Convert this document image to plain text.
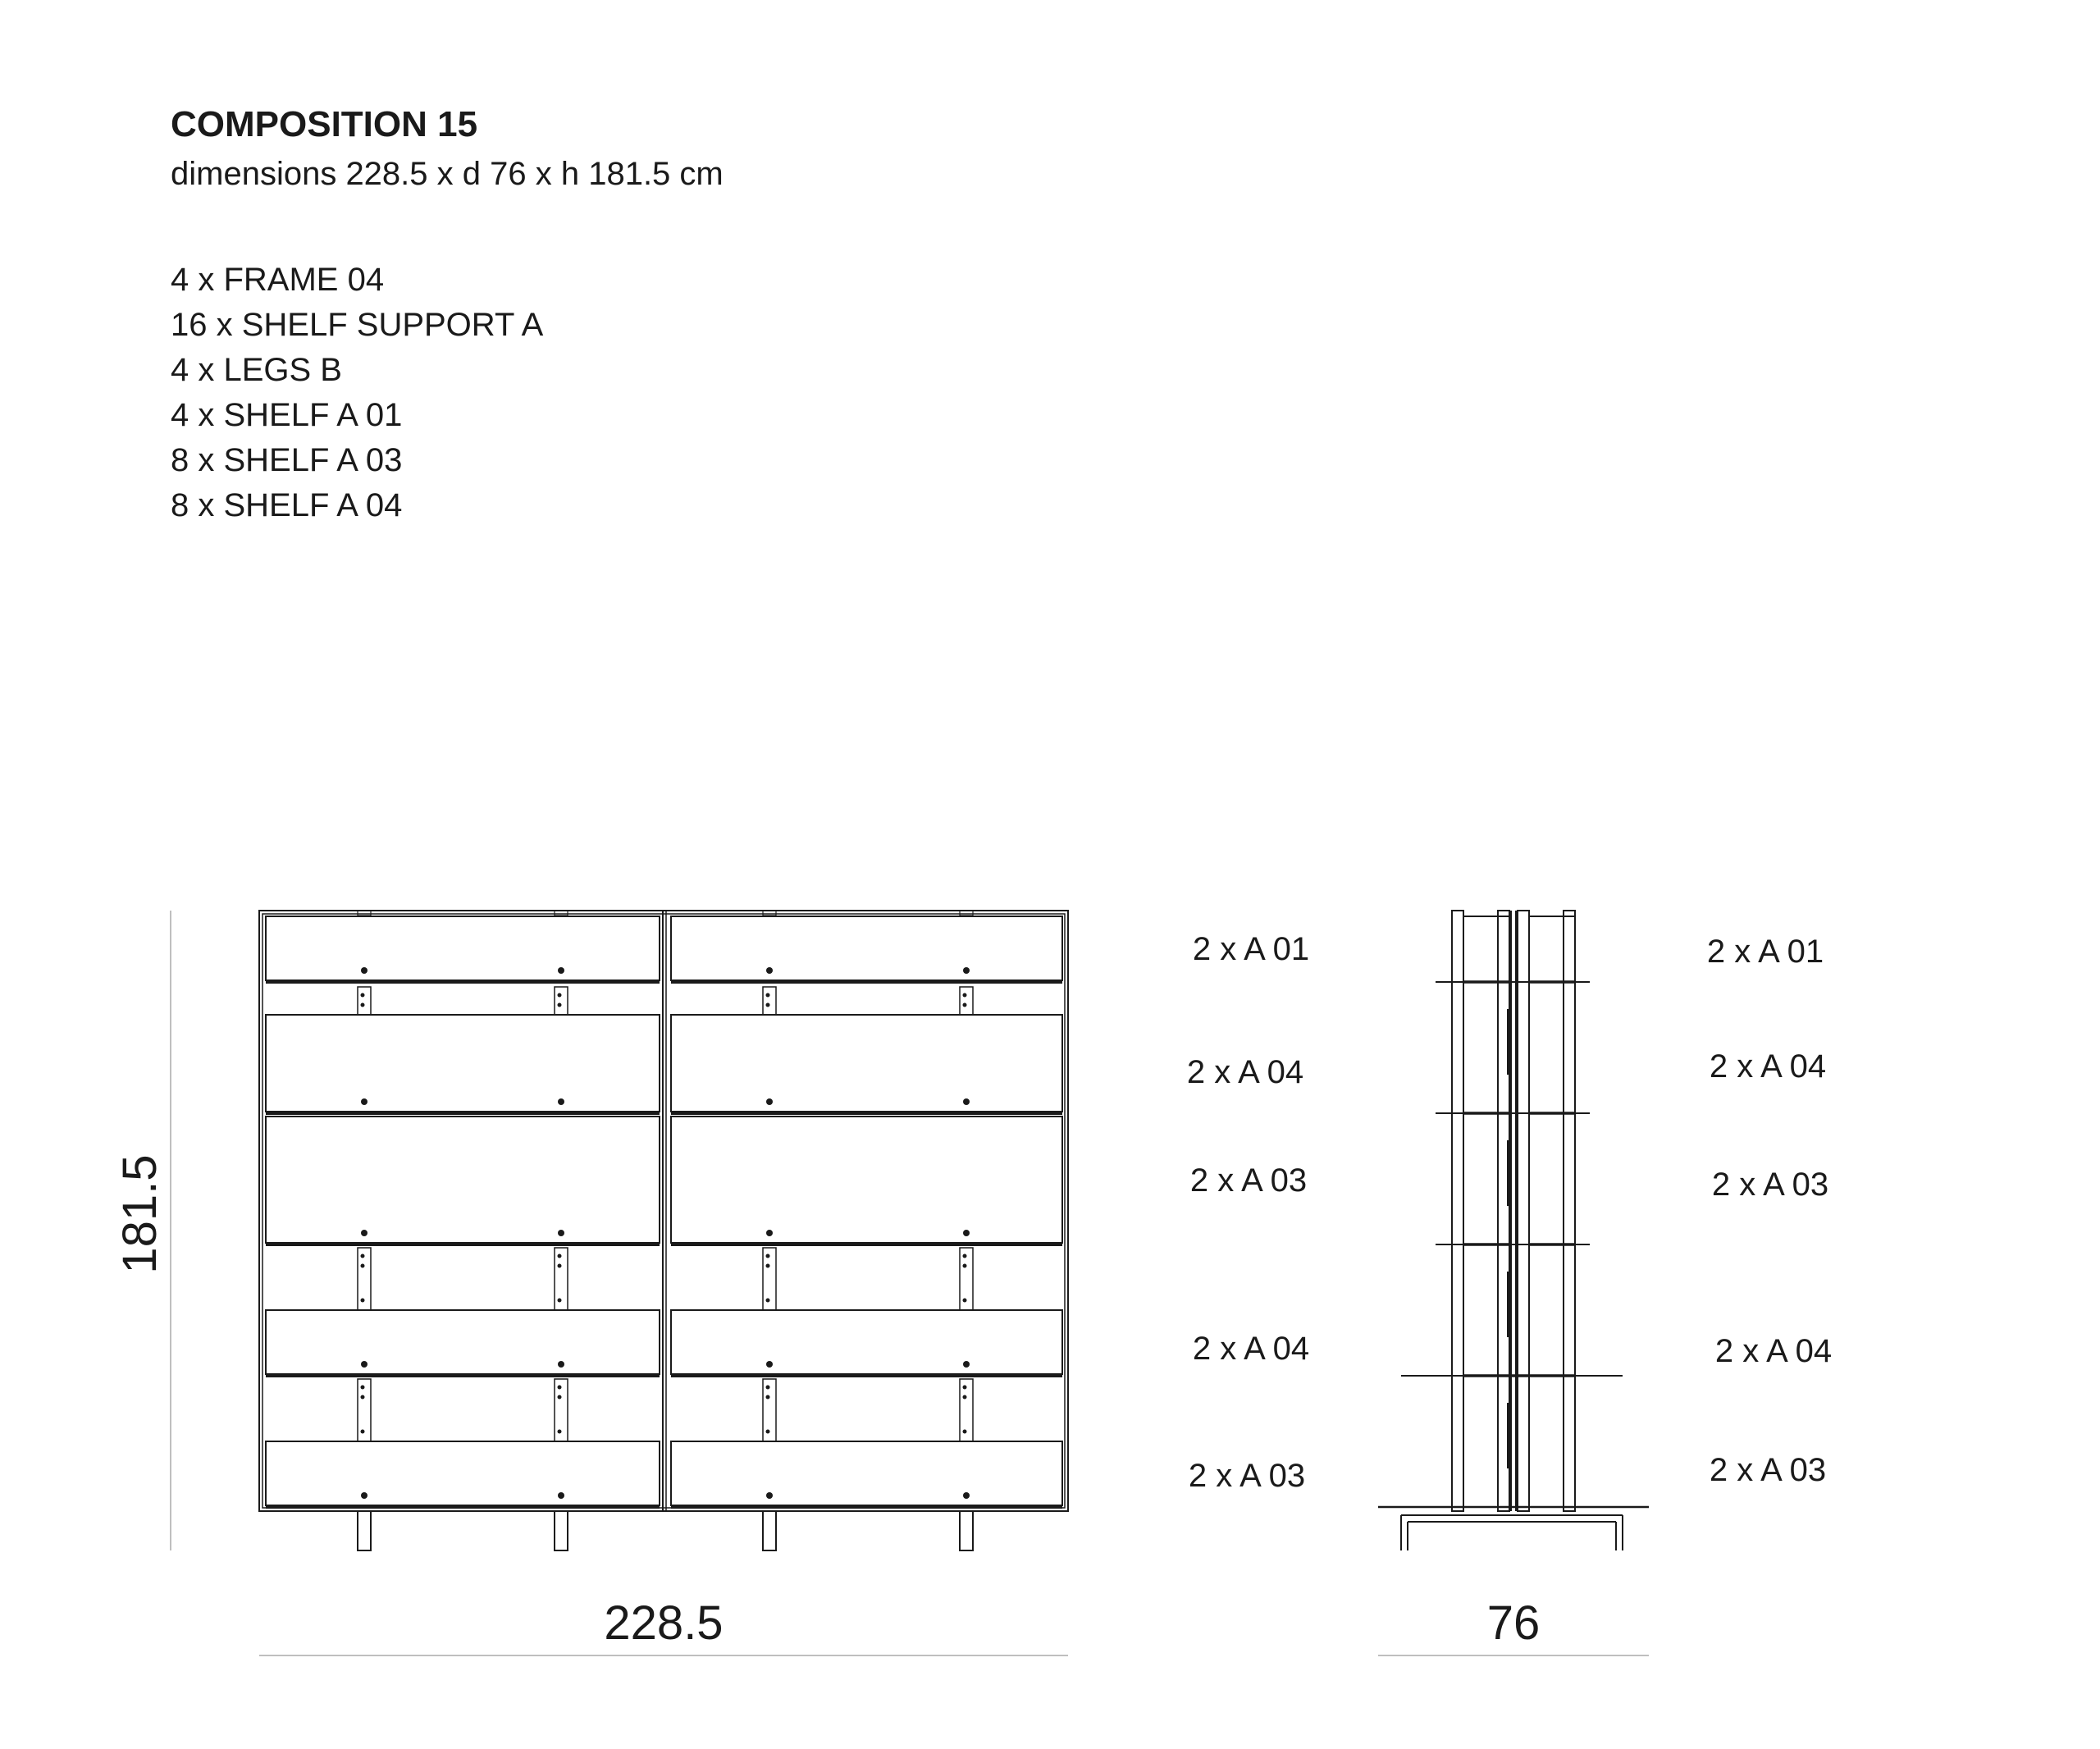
COMPOSITION 15
dimensions 228.5 x d 76 x h 181.5 cm
4 x FRAME 04
16 x SHELF SUPPORT A
4 x LEGS B
4 x SHELF A 01
8 x SHELF A 03
8 x SHELF A 04
181.5
228.5	76
2 x A 01
2 x A 04
2 x A 03
2 x A 04
2 x A 03
2 x A 01
2 x A 04
2 x A 03
2 x A 04
2 x A 03
